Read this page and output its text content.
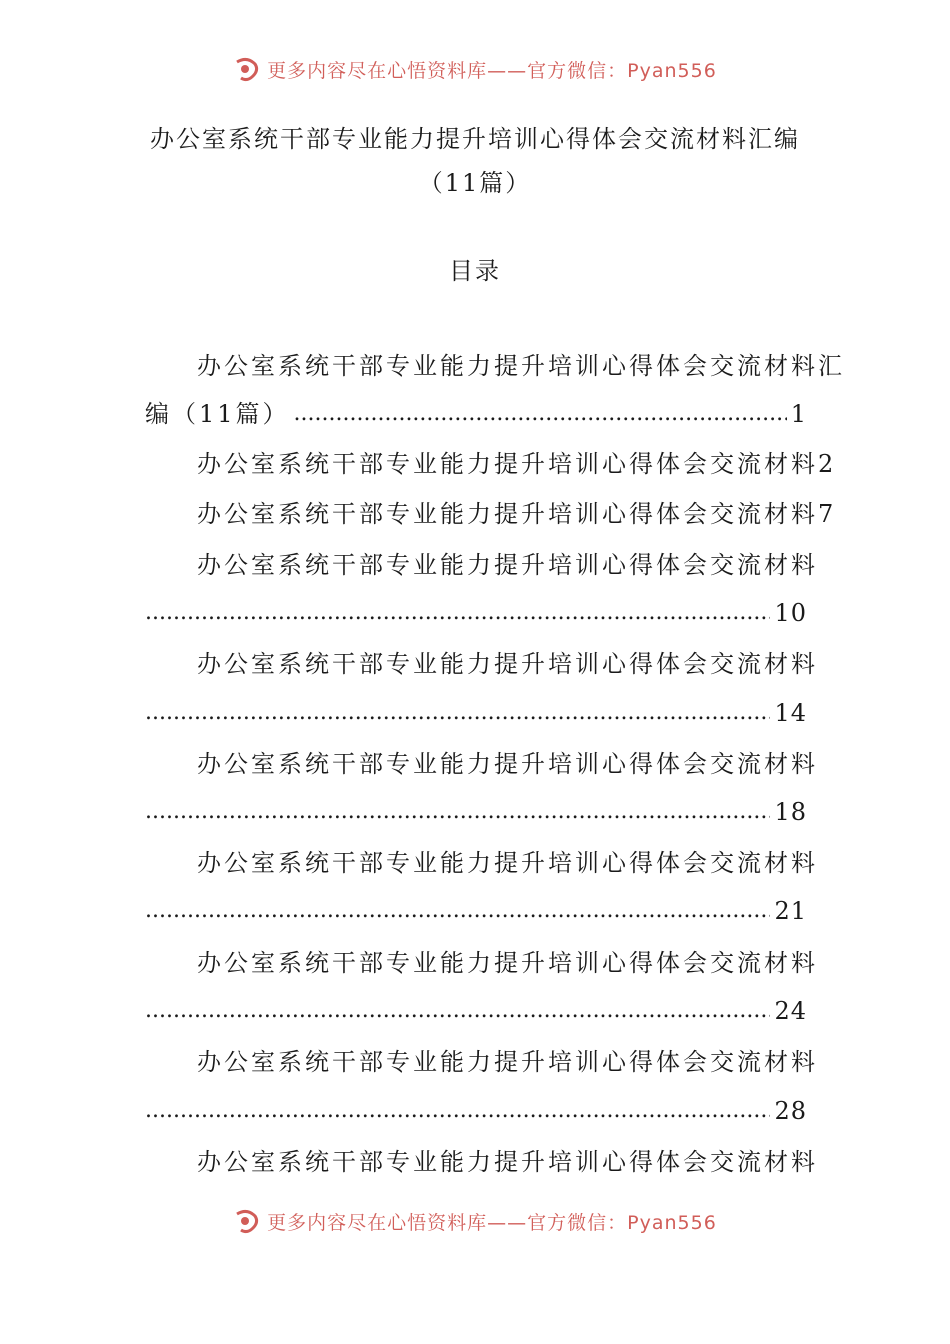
更多内容尽在心悟资料库——官方微信：Pyan556
办公室系统干部专业能力提升培训心得体会交流材料汇编
（11篇）
目录
办公室系统干部专业能力提升培训心得体会交流材料汇
编（11篇）
.....	1
办公室系统干部专业能力提升培训心得体会交流材料 2
办公室系统干部专业能力提升培训心得体会交流材料 7
办公室系统干部专业能力提升培训心得体会交流材料
.....
10
办公室系统干部专业能力提升培训心得体会交流材料
.....
14
办公室系统干部专业能力提升培训心得体会交流材料
.....
18
办公室系统干部专业能力提升培训心得体会交流材料
.....
21
办公室系统干部专业能力提升培训心得体会交流材料
.....
24
办公室系统干部专业能力提升培训心得体会交流材料
.....
28
办公室系统干部专业能力提升培训心得体会交流材料
更多内容尽在心悟资料库——官方微信：Pyan556
